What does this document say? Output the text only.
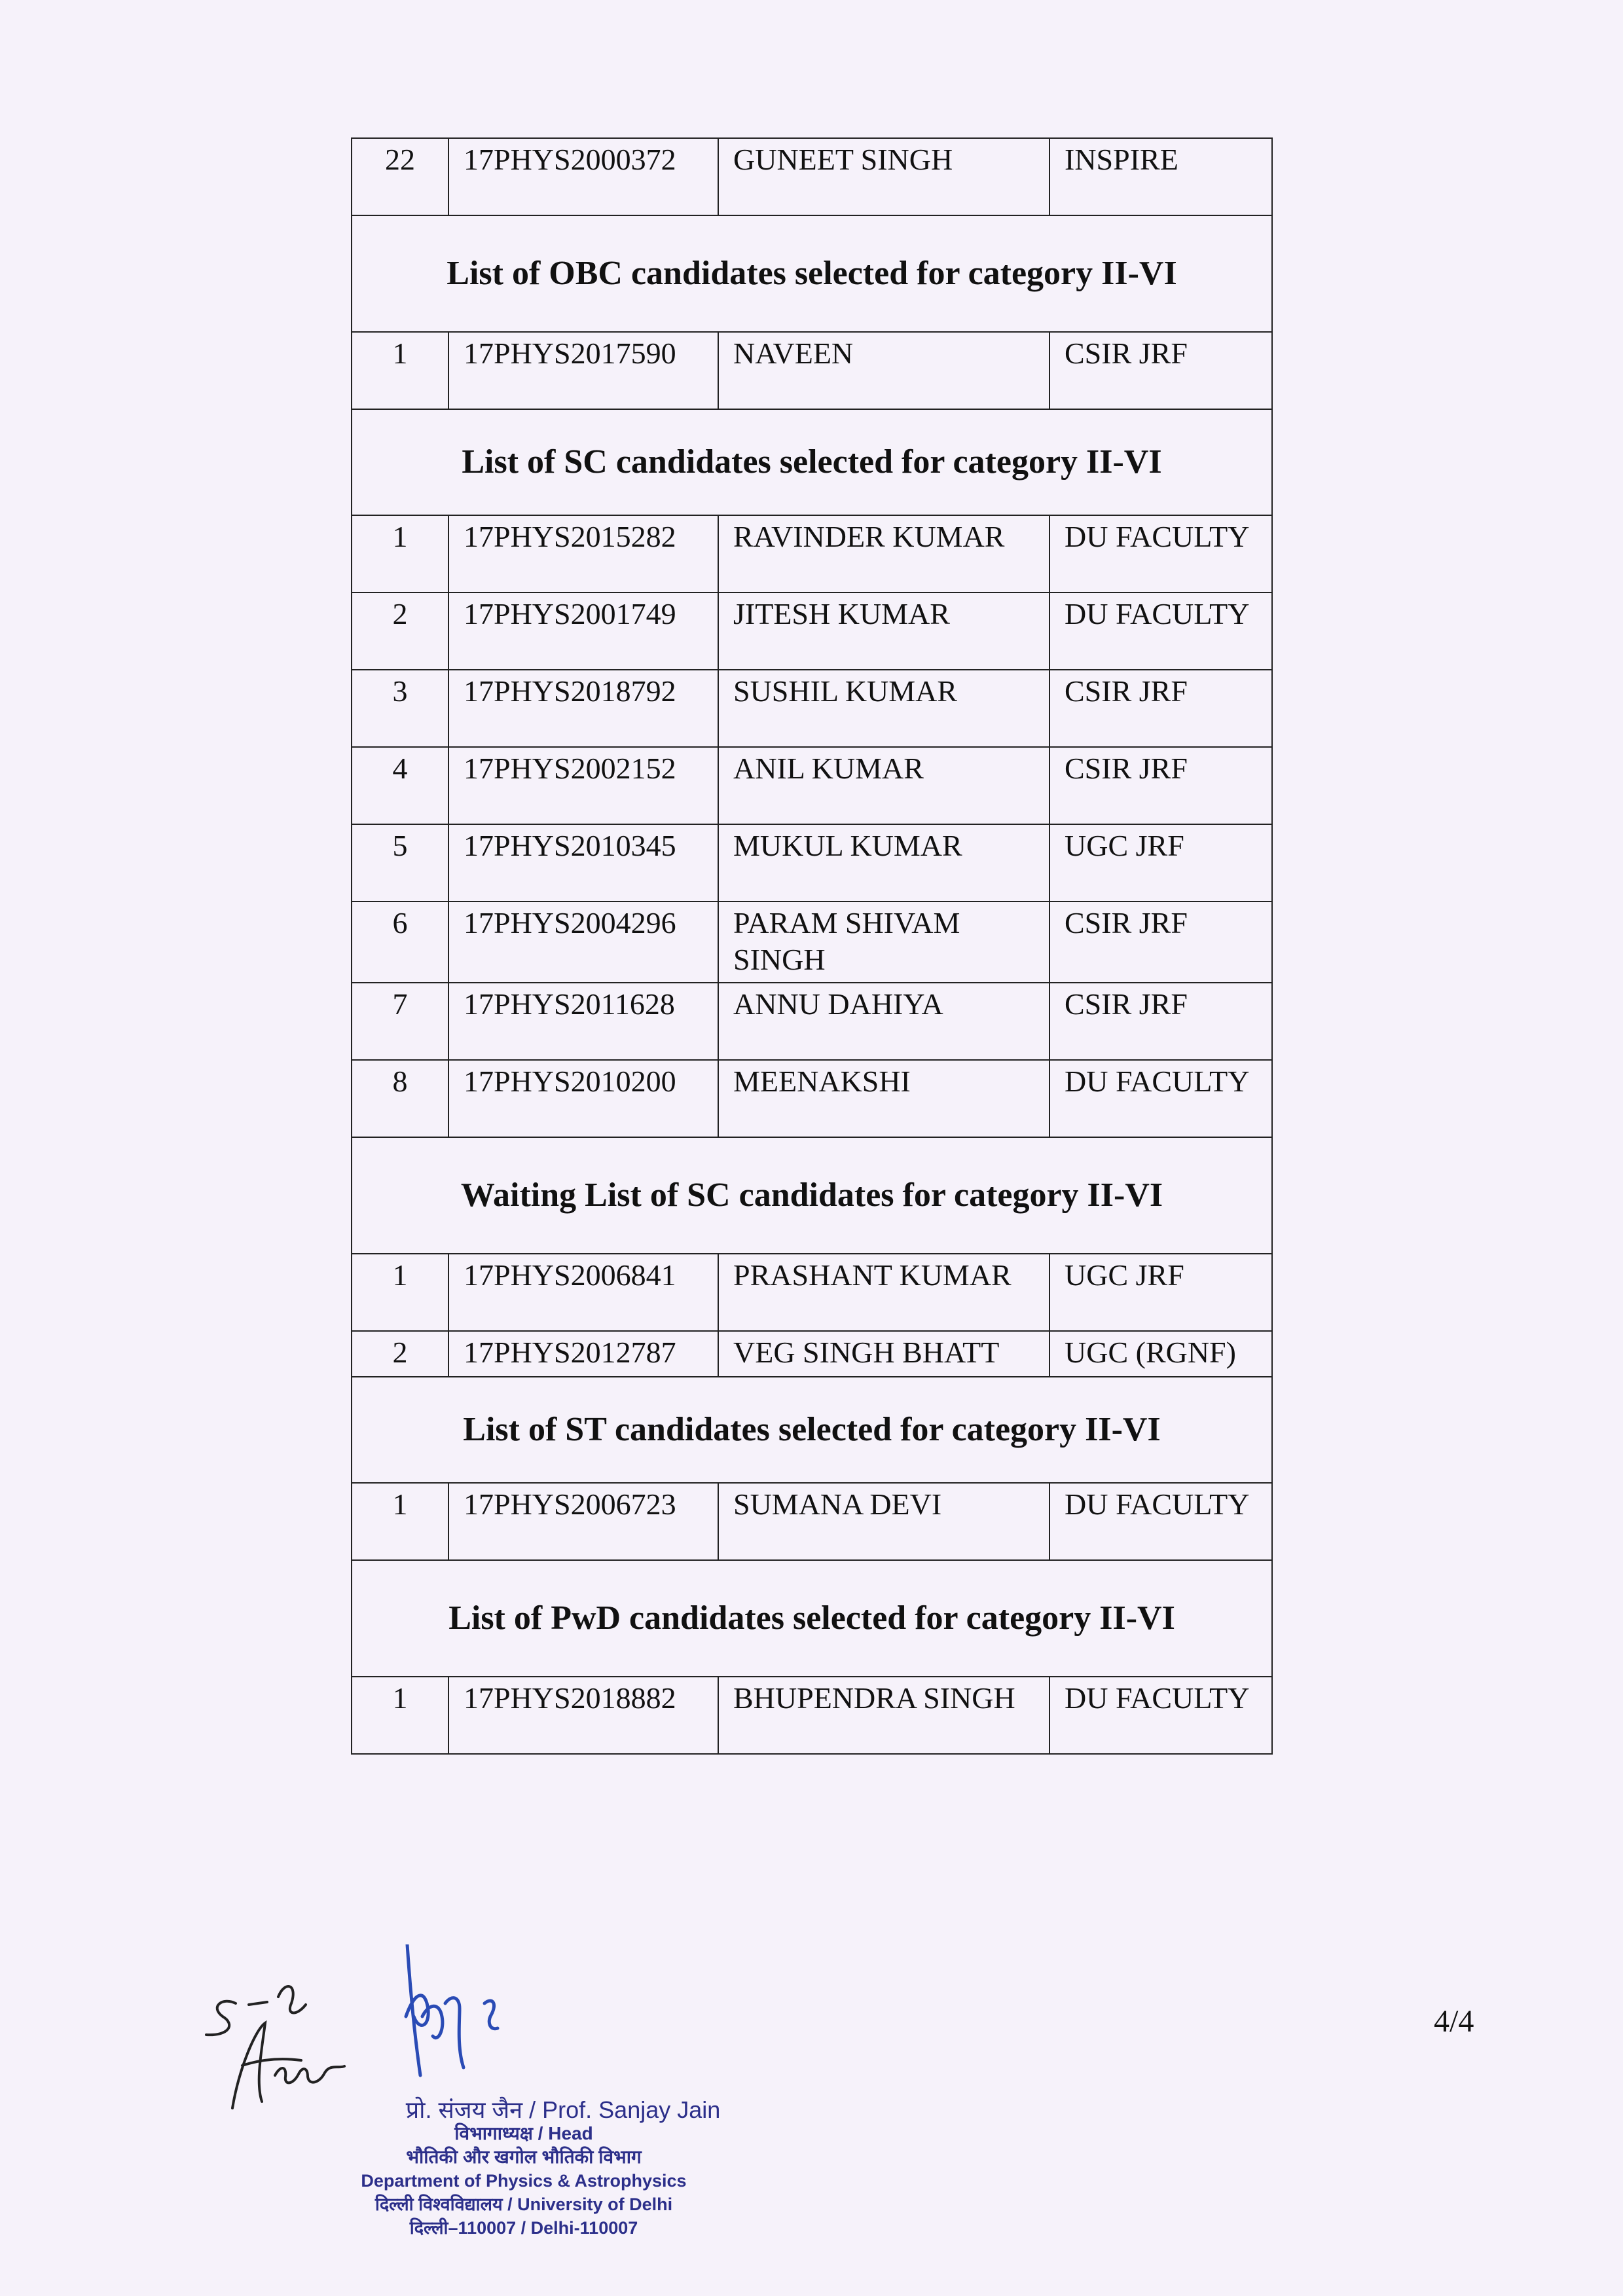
22	17PHYS2000372	GUNEET SINGH	INSPIRE
List of OBC candidates selected for category II-VI			
1	17PHYS2017590	NAVEEN	CSIR JRF
List of SC candidates selected for category II-VI			
1	17PHYS2015282	RAVINDER KUMAR	DU FACULTY
2	17PHYS2001749	JITESH KUMAR	DU FACULTY
3	17PHYS2018792	SUSHIL KUMAR	CSIR JRF
4	17PHYS2002152	ANIL KUMAR	CSIR JRF
5	17PHYS2010345	MUKUL KUMAR	UGC JRF
6	17PHYS2004296	PARAM SHIVAM SINGH	CSIR JRF
7	17PHYS2011628	ANNU DAHIYA	CSIR JRF
8	17PHYS2010200	MEENAKSHI	DU FACULTY
Waiting List of SC candidates for category II-VI			
1	17PHYS2006841	PRASHANT KUMAR	UGC JRF
2	17PHYS2012787	VEG SINGH BHATT	UGC (RGNF)
List of ST candidates selected for category II-VI			
1	17PHYS2006723	SUMANA DEVI	DU FACULTY
List of PwD candidates selected for category II-VI			
1	17PHYS2018882	BHUPENDRA SINGH	DU FACULTY
प्रो. संजय जैन / Prof. Sanjay Jain
विभागाध्यक्ष / Head
भौतिकी और खगोल भौतिकी विभाग
Department of Physics & Astrophysics
दिल्ली विश्वविद्यालय / University of Delhi
दिल्ली–110007 / Delhi-110007
4/4
